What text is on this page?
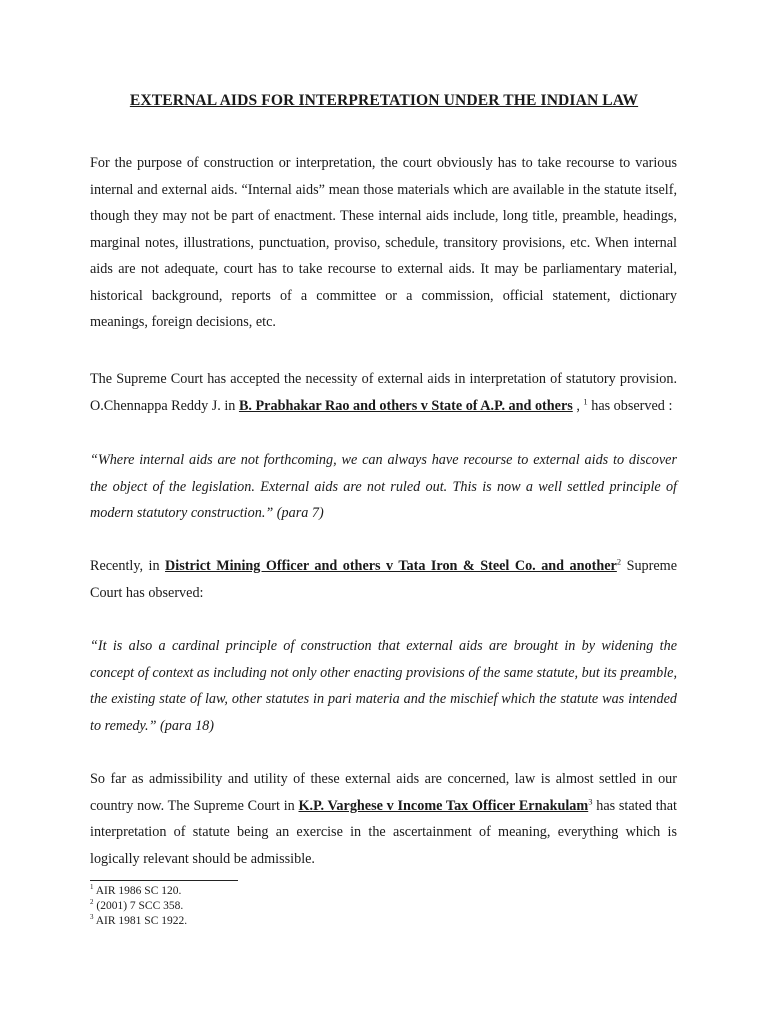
EXTERNAL AIDS FOR INTERPRETATION UNDER THE INDIAN LAW

For the purpose of construction or interpretation, the court obviously has to take recourse to various internal and external aids. “Internal aids” mean those materials which are available in the statute itself, though they may not be part of enactment. These internal aids include, long title, preamble, headings, marginal notes, illustrations, punctuation, proviso, schedule, transitory provisions, etc. When internal aids are not adequate, court has to take recourse to external aids. It may be parliamentary material, historical background, reports of a committee or a commission, official statement, dictionary meanings, foreign decisions, etc.

The Supreme Court has accepted the necessity of external aids in interpretation of statutory provision. O.Chennappa Reddy J. in B. Prabhakar Rao and others v State of A.P. and others , $^1$ has observed :

“Where internal aids are not forthcoming, we can always have recourse to external aids to discover the object of the legislation. External aids are not ruled out. This is now a well settled principle of modern statutory construction.” (para 7)

Recently, in District Mining Officer and others v Tata Iron & Steel Co. and another$^2$ Supreme Court has observed:

“It is also a cardinal principle of construction that external aids are brought in by widening the concept of context as including not only other enacting provisions of the same statute, but its preamble, the existing state of law, other statutes in pari materia and the mischief which the statute was intended to remedy.” (para 18)

So far as admissibility and utility of these external aids are concerned, law is almost settled in our country now. The Supreme Court in K.P. Varghese v Income Tax Officer Ernakulam$^3$ has stated that interpretation of statute being an exercise in the ascertainment of meaning, everything which is logically relevant should be admissible.

$^1$ AIR 1986 SC 120.
$^2$ (2001) 7 SCC 358.
$^3$ AIR 1981 SC 1922.
